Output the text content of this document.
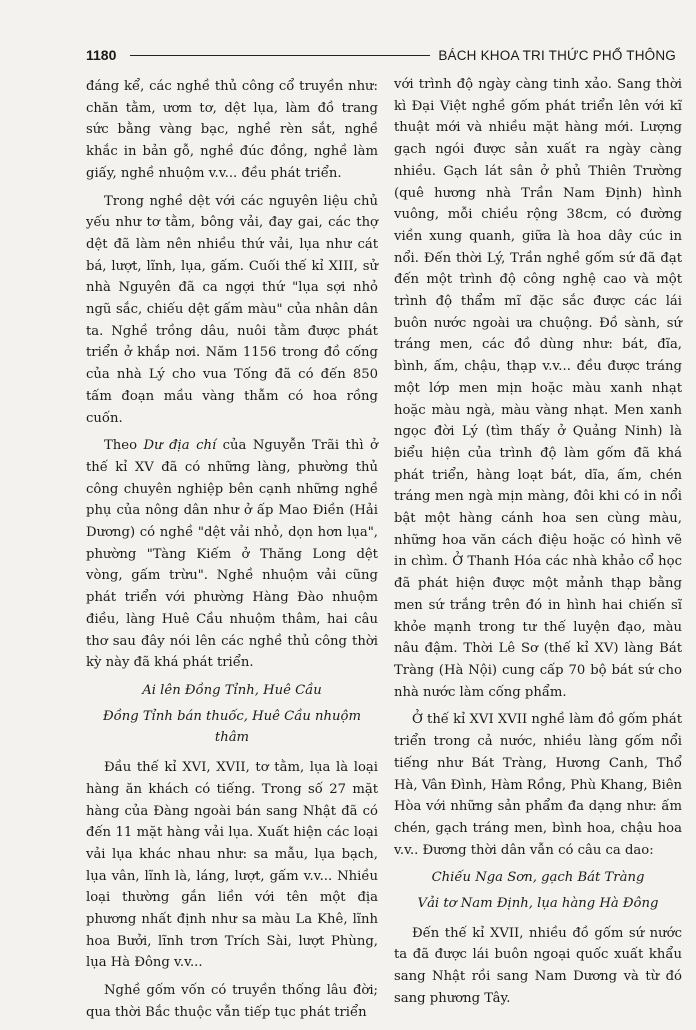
1180	BÁCH KHOA TRI THỨC PHỔ THÔNG

đáng kể, các nghề thủ công cổ truyền như: chăn tằm, ươm tơ, dệt lụa, làm đồ trang sức bằng vàng bạc, nghề rèn sắt, nghề khắc in bản gỗ, nghề đúc đồng, nghề làm giấy, nghề nhuộm v.v... đều phát triển.

Trong nghề dệt với các nguyên liệu chủ yếu như tơ tằm, bông vải, đay gai, các thợ dệt đã làm nên nhiều thứ vải, lụa như cát bá, lượt, lĩnh, lụa, gấm. Cuối thế kỉ XIII, sử nhà Nguyên đã ca ngợi thứ "lụa sợi nhỏ ngũ sắc, chiếu dệt gấm màu" của nhân dân ta. Nghề trồng dâu, nuôi tằm được phát triển ở khắp nơi. Năm 1156 trong đồ cống của nhà Lý cho vua Tống đã có đến 850 tấm đoạn mầu vàng thẫm có hoa rồng cuốn.

Theo Dư địa chí của Nguyễn Trãi thì ở thế kỉ XV đã có những làng, phường thủ công chuyên nghiệp bên cạnh những nghề phụ của nông dân như ở ấp Mao Điền (Hải Dương) có nghề "dệt vải nhỏ, dọn hơn lụa", phường "Tàng Kiếm ở Thăng Long dệt vòng, gấm trừu". Nghề nhuộm vải cũng phát triển với phường Hàng Đào nhuộm điều, làng Huê Cầu nhuộm thâm, hai câu thơ sau đây nói lên các nghề thủ công thời kỳ này đã khá phát triển.

Ai lên Đồng Tỉnh, Huê Cầu
Đồng Tỉnh bán thuốc, Huê Cầu nhuộm thâm

Đầu thế kỉ XVI, XVII, tơ tằm, lụa là loại hàng ăn khách có tiếng. Trong số 27 mặt hàng của Đàng ngoài bán sang Nhật đã có đến 11 mặt hàng vải lụa. Xuất hiện các loại vải lụa khác nhau như: sa mẫu, lụa bạch, lụa vân, lĩnh là, láng, lượt, gấm v.v... Nhiều loại thường gắn liền với tên một địa phương nhất định như sa màu La Khê, lĩnh hoa Bưởi, lĩnh trơn Trích Sài, lượt Phùng, lụa Hà Đông v.v...

Nghề gốm vốn có truyền thống lâu đời; qua thời Bắc thuộc vẫn tiếp tục phát triển

với trình độ ngày càng tinh xảo. Sang thời kì Đại Việt nghề gốm phát triển lên với kĩ thuật mới và nhiều mặt hàng mới. Lượng gạch ngói được sản xuất ra ngày càng nhiều. Gạch lát sân ở phủ Thiên Trường (quê hương nhà Trần Nam Định) hình vuông, mỗi chiều rộng 38cm, có đường viền xung quanh, giữa là hoa dây cúc in nổi. Đến thời Lý, Trần nghề gốm sứ đã đạt đến một trình độ công nghệ cao và một trình độ thẩm mĩ đặc sắc được các lái buôn nước ngoài ưa chuộng. Đồ sành, sứ tráng men, các đồ dùng như: bát, đĩa, bình, ấm, chậu, thạp v.v... đều được tráng một lớp men mịn hoặc màu xanh nhạt hoặc màu ngà, màu vàng nhạt. Men xanh ngọc đời Lý (tìm thấy ở Quảng Ninh) là biểu hiện của trình độ làm gốm đã khá phát triển, hàng loạt bát, dĩa, ấm, chén tráng men ngà mịn màng, đôi khi có in nổi bật một hàng cánh hoa sen cùng màu, những hoa văn cách điệu hoặc có hình vẽ in chìm. Ở Thanh Hóa các nhà khảo cổ học đã phát hiện được một mảnh thạp bằng men sứ trắng trên đó in hình hai chiến sĩ khỏe mạnh trong tư thế luyện đạo, màu nâu đậm. Thời Lê Sơ (thế kỉ XV) làng Bát Tràng (Hà Nội) cung cấp 70 bộ bát sứ cho nhà nước làm cống phẩm.

Ở thế kỉ XVI XVII nghề làm đồ gốm phát triển trong cả nước, nhiều làng gốm nổi tiếng như Bát Tràng, Hương Canh, Thổ Hà, Vân Đình, Hàm Rồng, Phù Khang, Biên Hòa với những sản phẩm đa dạng như: ấm chén, gạch tráng men, bình hoa, chậu hoa v.v.. Đương thời dân vẫn có câu ca dao:

Chiếu Nga Sơn, gạch Bát Tràng
Vải tơ Nam Định, lụa hàng Hà Đông

Đến thế kỉ XVII, nhiều đồ gốm sứ nước ta đã được lái buôn ngoại quốc xuất khẩu sang Nhật rồi sang Nam Dương và từ đó sang phương Tây.
